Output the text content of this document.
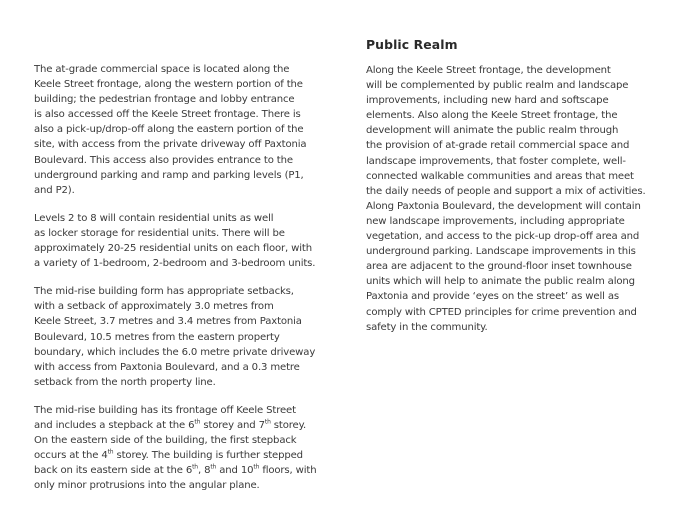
The at-grade commercial space is located along the
Keele Street frontage, along the western portion of the
building; the pedestrian frontage and lobby entrance
is also accessed off the Keele Street frontage. There is
also a pick-up/drop-off along the eastern portion of the
site, with access from the private driveway off Paxtonia
Boulevard. This access also provides entrance to the
underground parking and ramp and parking levels (P1,
and P2).

Levels 2 to 8 will contain residential units as well
as locker storage for residential units. There will be
approximately 20-25 residential units on each floor, with
a variety of 1-bedroom, 2-bedroom and 3-bedroom units.

The mid-rise building form has appropriate setbacks,
with a setback of approximately 3.0 metres from
Keele Street, 3.7 metres and 3.4 metres from Paxtonia
Boulevard, 10.5 metres from the eastern property
boundary, which includes the 6.0 metre private driveway
with access from Paxtonia Boulevard, and a 0.3 metre
setback from the north property line.

The mid-rise building has its frontage off Keele Street
and includes a stepback at the 6th storey and 7th storey.
On the eastern side of the building, the first stepback
occurs at the 4th storey. The building is further stepped
back on its eastern side at the 6th, 8th and 10th floors, with
only minor protrusions into the angular plane.

Public Realm

Along the Keele Street frontage, the development
will be complemented by public realm and landscape
improvements, including new hard and softscape
elements. Also along the Keele Street frontage, the
development will animate the public realm through
the provision of at-grade retail commercial space and
landscape improvements, that foster complete, well-
connected walkable communities and areas that meet
the daily needs of people and support a mix of activities.
Along Paxtonia Boulevard, the development will contain
new landscape improvements, including appropriate
vegetation, and access to the pick-up drop-off area and
underground parking. Landscape improvements in this
area are adjacent to the ground-floor inset townhouse
units which will help to animate the public realm along
Paxtonia and provide ‘eyes on the street’ as well as
comply with CPTED principles for crime prevention and
safety in the community.
